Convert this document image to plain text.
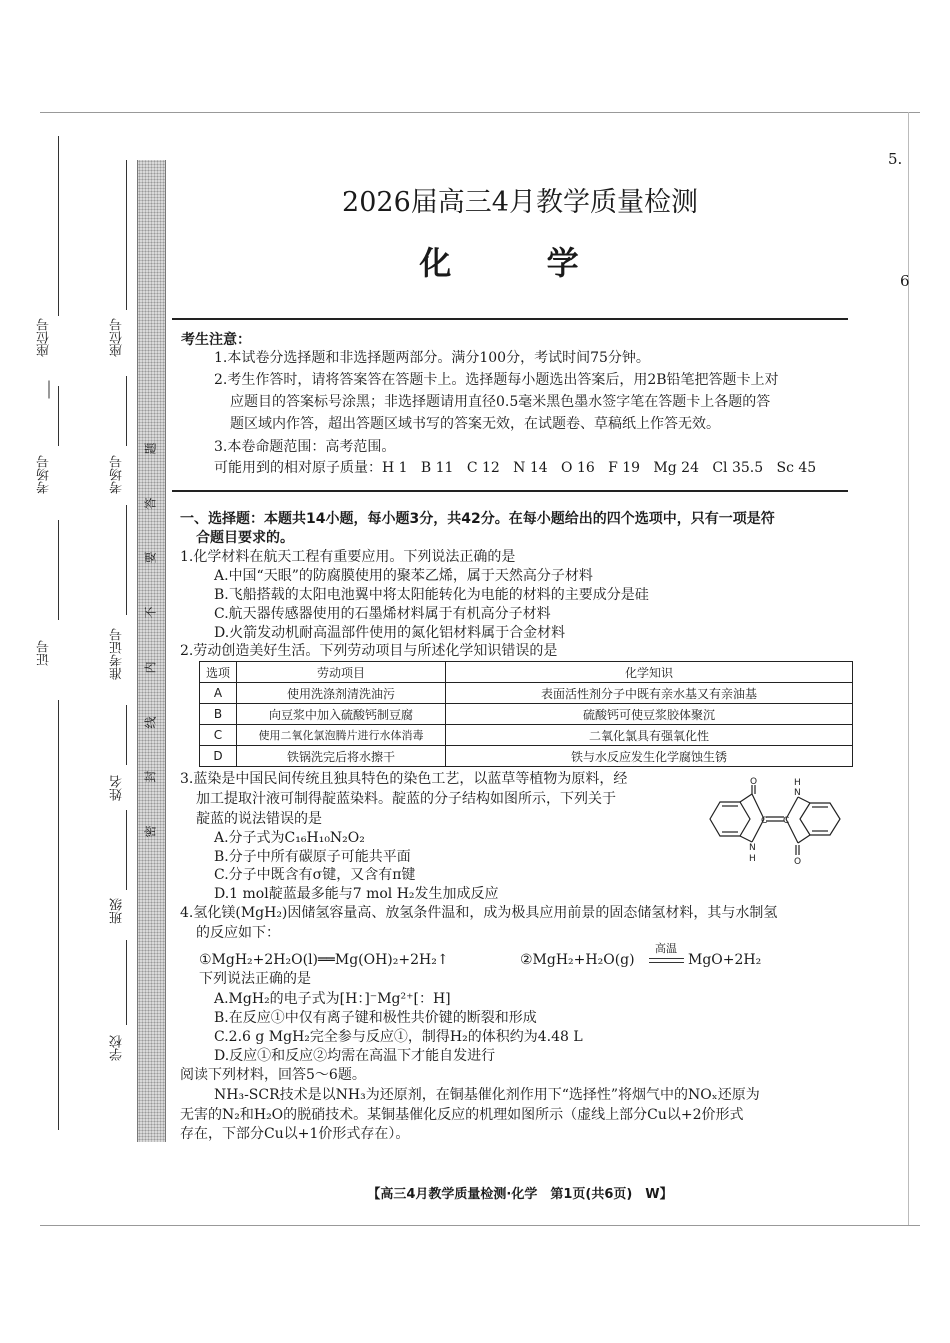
座位号
考场号
证号
座位号
考场号
准考证号
姓名
班级
学校
题
答
要
不
内
线
封
密
5.
6
2026届高三4月教学质量检测
化 学
考生注意：
1.本试卷分选择题和非选择题两部分。满分100分，考试时间75分钟。
2.考生作答时，请将答案答在答题卡上。选择题每小题选出答案后，用2B铅笔把答题卡上对
应题目的答案标号涂黑；非选择题请用直径0.5毫米黑色墨水签字笔在答题卡上各题的答
题区域内作答，超出答题区域书写的答案无效，在试题卷、草稿纸上作答无效。
3.本卷命题范围：高考范围。
可能用到的相对原子质量：H 1   B 11   C 12   N 14   O 16   F 19   Mg 24   Cl 35.5   Sc 45
一、选择题：本题共14小题，每小题3分，共42分。在每小题给出的四个选项中，只有一项是符
合题目要求的。
1.化学材料在航天工程有重要应用。下列说法正确的是
A.中国“天眼”的防腐膜使用的聚苯乙烯，属于天然高分子材料
B.飞船搭载的太阳电池翼中将太阳能转化为电能的材料的主要成分是硅
C.航天器传感器使用的石墨烯材料属于有机高分子材料
D.火箭发动机耐高温部件使用的氮化铝材料属于合金材料
2.劳动创造美好生活。下列劳动项目与所述化学知识错误的是
选项	劳动项目	化学知识
A	使用洗涤剂清洗油污	表面活性剂分子中既有亲水基又有亲油基
B	向豆浆中加入硫酸钙制豆腐	硫酸钙可使豆浆胶体聚沉
C	使用二氧化氯泡腾片进行水体消毒	二氧化氯具有强氧化性
D	铁锅洗完后将水擦干	铁与水反应发生化学腐蚀生锈
3.蓝染是中国民间传统且独具特色的染色工艺，以蓝草等植物为原料，经
加工提取汁液可制得靛蓝染料。靛蓝的分子结构如图所示，下列关于
靛蓝的说法错误的是
A.分子式为C₁₆H₁₀N₂O₂
B.分子中所有碳原子可能共平面
C.分子中既含有σ键，又含有π键
D.1 mol靛蓝最多能与7 mol H₂发生加成反应
O
N
H
C C
N
H
O
4.氢化镁(MgH₂)因储氢容量高、放氢条件温和，成为极具应用前景的固态储氢材料，其与水制氢
的反应如下：
①MgH₂+2H₂O(l)══Mg(OH)₂+2H₂↑	②MgH₂+H₂O(g)
高温
MgO+2H₂
下列说法正确的是
A.MgH₂的电子式为[H：]⁻Mg²⁺[：H]
B.在反应①中仅有离子键和极性共价键的断裂和形成
C.2.6 g MgH₂完全参与反应①，制得H₂的体积约为4.48 L
D.反应①和反应②均需在高温下才能自发进行
阅读下列材料，回答5～6题。
NH₃-SCR技术是以NH₃为还原剂，在铜基催化剂作用下“选择性”将烟气中的NOₓ还原为
无害的N₂和H₂O的脱硝技术。某铜基催化反应的机理如图所示（虚线上部分Cu以+2价形式
存在，下部分Cu以+1价形式存在）。
【高三4月教学质量检测·化学　第1页(共6页)　W】
